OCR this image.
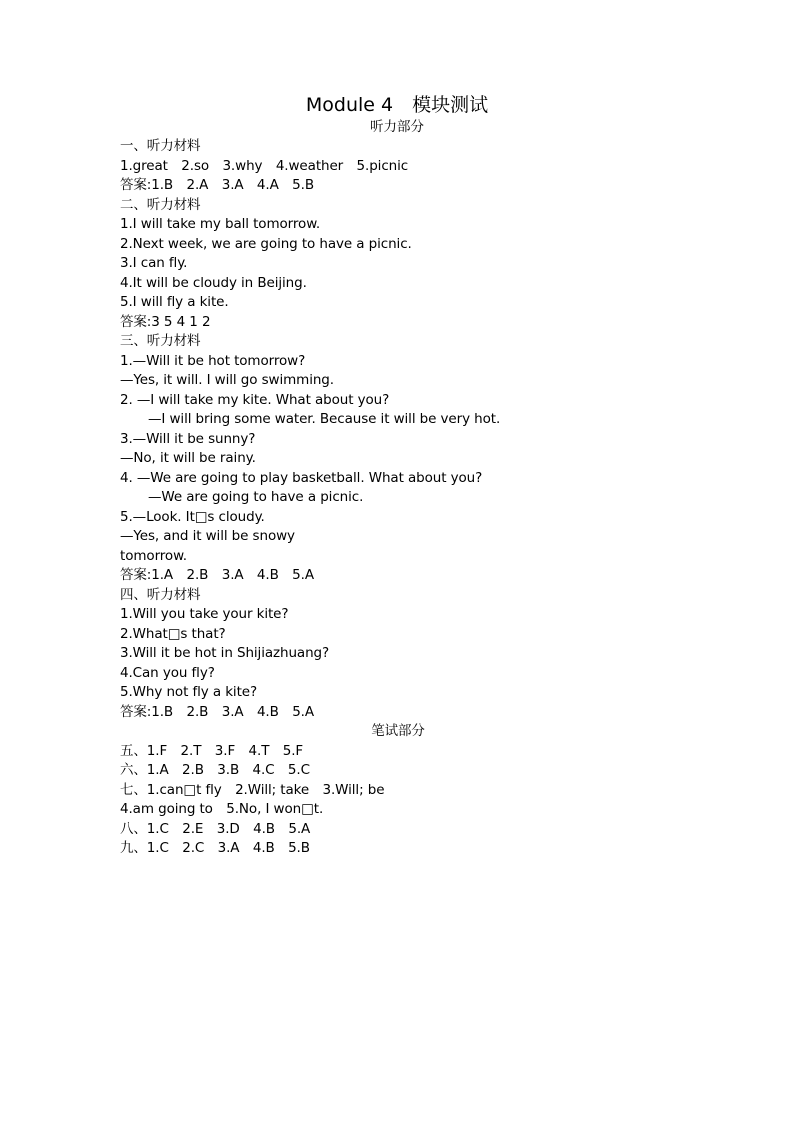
Module 4　模块测试
听力部分
一、听力材料
1.great　2.so　3.why　4.weather　5.picnic
答案:1.B　2.A　3.A　4.A　5.B
二、听力材料
1.I will take my ball tomorrow.
2.Next week, we are going to have a picnic.
3.I can fly.
4.It will be cloudy in Beijing.
5.I will fly a kite.
答案:3 5 4 1 2
三、听力材料
1.—Will it be hot tomorrow?
—Yes, it will. I will go swimming.
2. —I will take my kite. What about you?
—I will bring some water. Because it will be very hot.
3.—Will it be sunny?
—No, it will be rainy.
4. —We are going to play basketball. What about you?
—We are going to have a picnic.
5.—Look. It□s cloudy.
—Yes, and it will be snowy
tomorrow.
答案:1.A　2.B　3.A　4.B　5.A
四、听力材料
1.Will you take your kite?
2.What□s that?
3.Will it be hot in Shijiazhuang?
4.Can you fly?
5.Why not fly a kite?
答案:1.B　2.B　3.A　4.B　5.A
笔试部分
五、1.F　2.T　3.F　4.T　5.F
六、1.A　2.B　3.B　4.C　5.C
七、1.can□t fly　2.Will; take　3.Will; be
4.am going to　5.No, I won□t.
八、1.C　2.E　3.D　4.B　5.A
九、1.C　2.C　3.A　4.B　5.B
